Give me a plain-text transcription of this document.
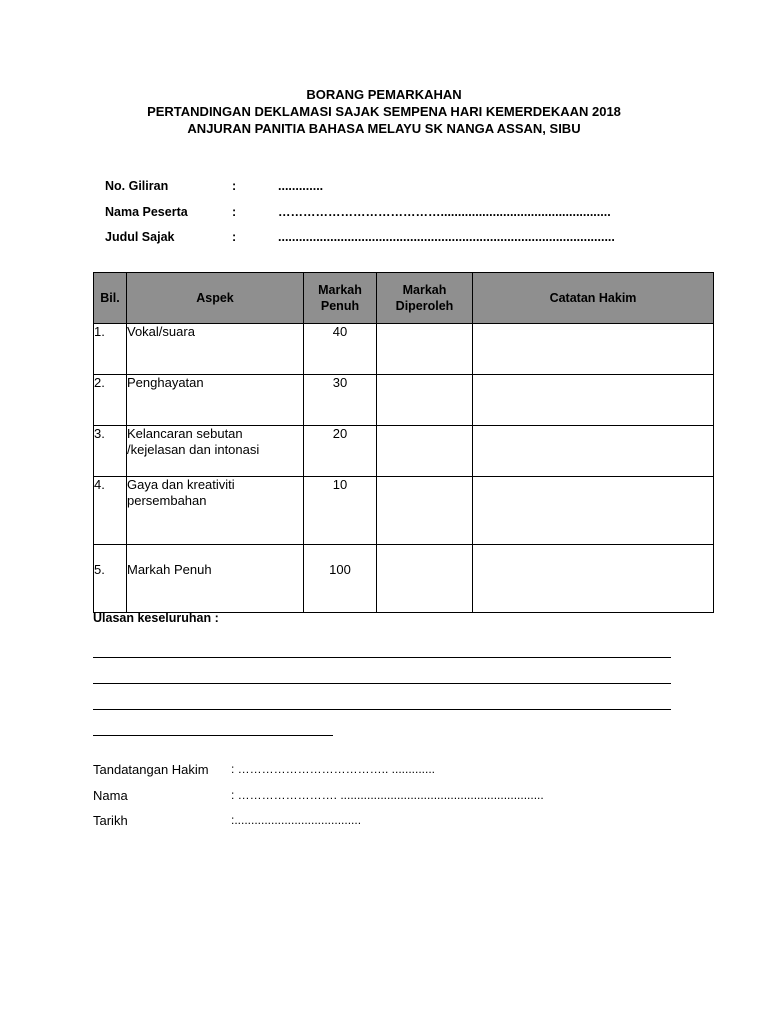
BORANG PEMARKAHAN
PERTANDINGAN DEKLAMASI SAJAK SEMPENA HARI KEMERDEKAAN 2018
ANJURAN PANITIA BAHASA MELAYU SK NANGA ASSAN, SIBU
No. Giliran	:	.............
Nama Peserta	:	………………………………….................................................
Judul Sajak	:	.................................................................................................
Bil.	Aspek	Markah Penuh	Markah Diperoleh	Catatan Hakim
1.	Vokal/suara	40		
2.	Penghayatan	30		
3.	Kelancaran sebutan /kejelasan dan intonasi	20		
4.	Gaya dan kreativiti persembahan	10		
5.	Markah Penuh	100		
Ulasan keseluruhan :
Tandatangan Hakim : ……………………………….. .............
Nama	: ……………………. .............................................................
Tarikh	:......................................
